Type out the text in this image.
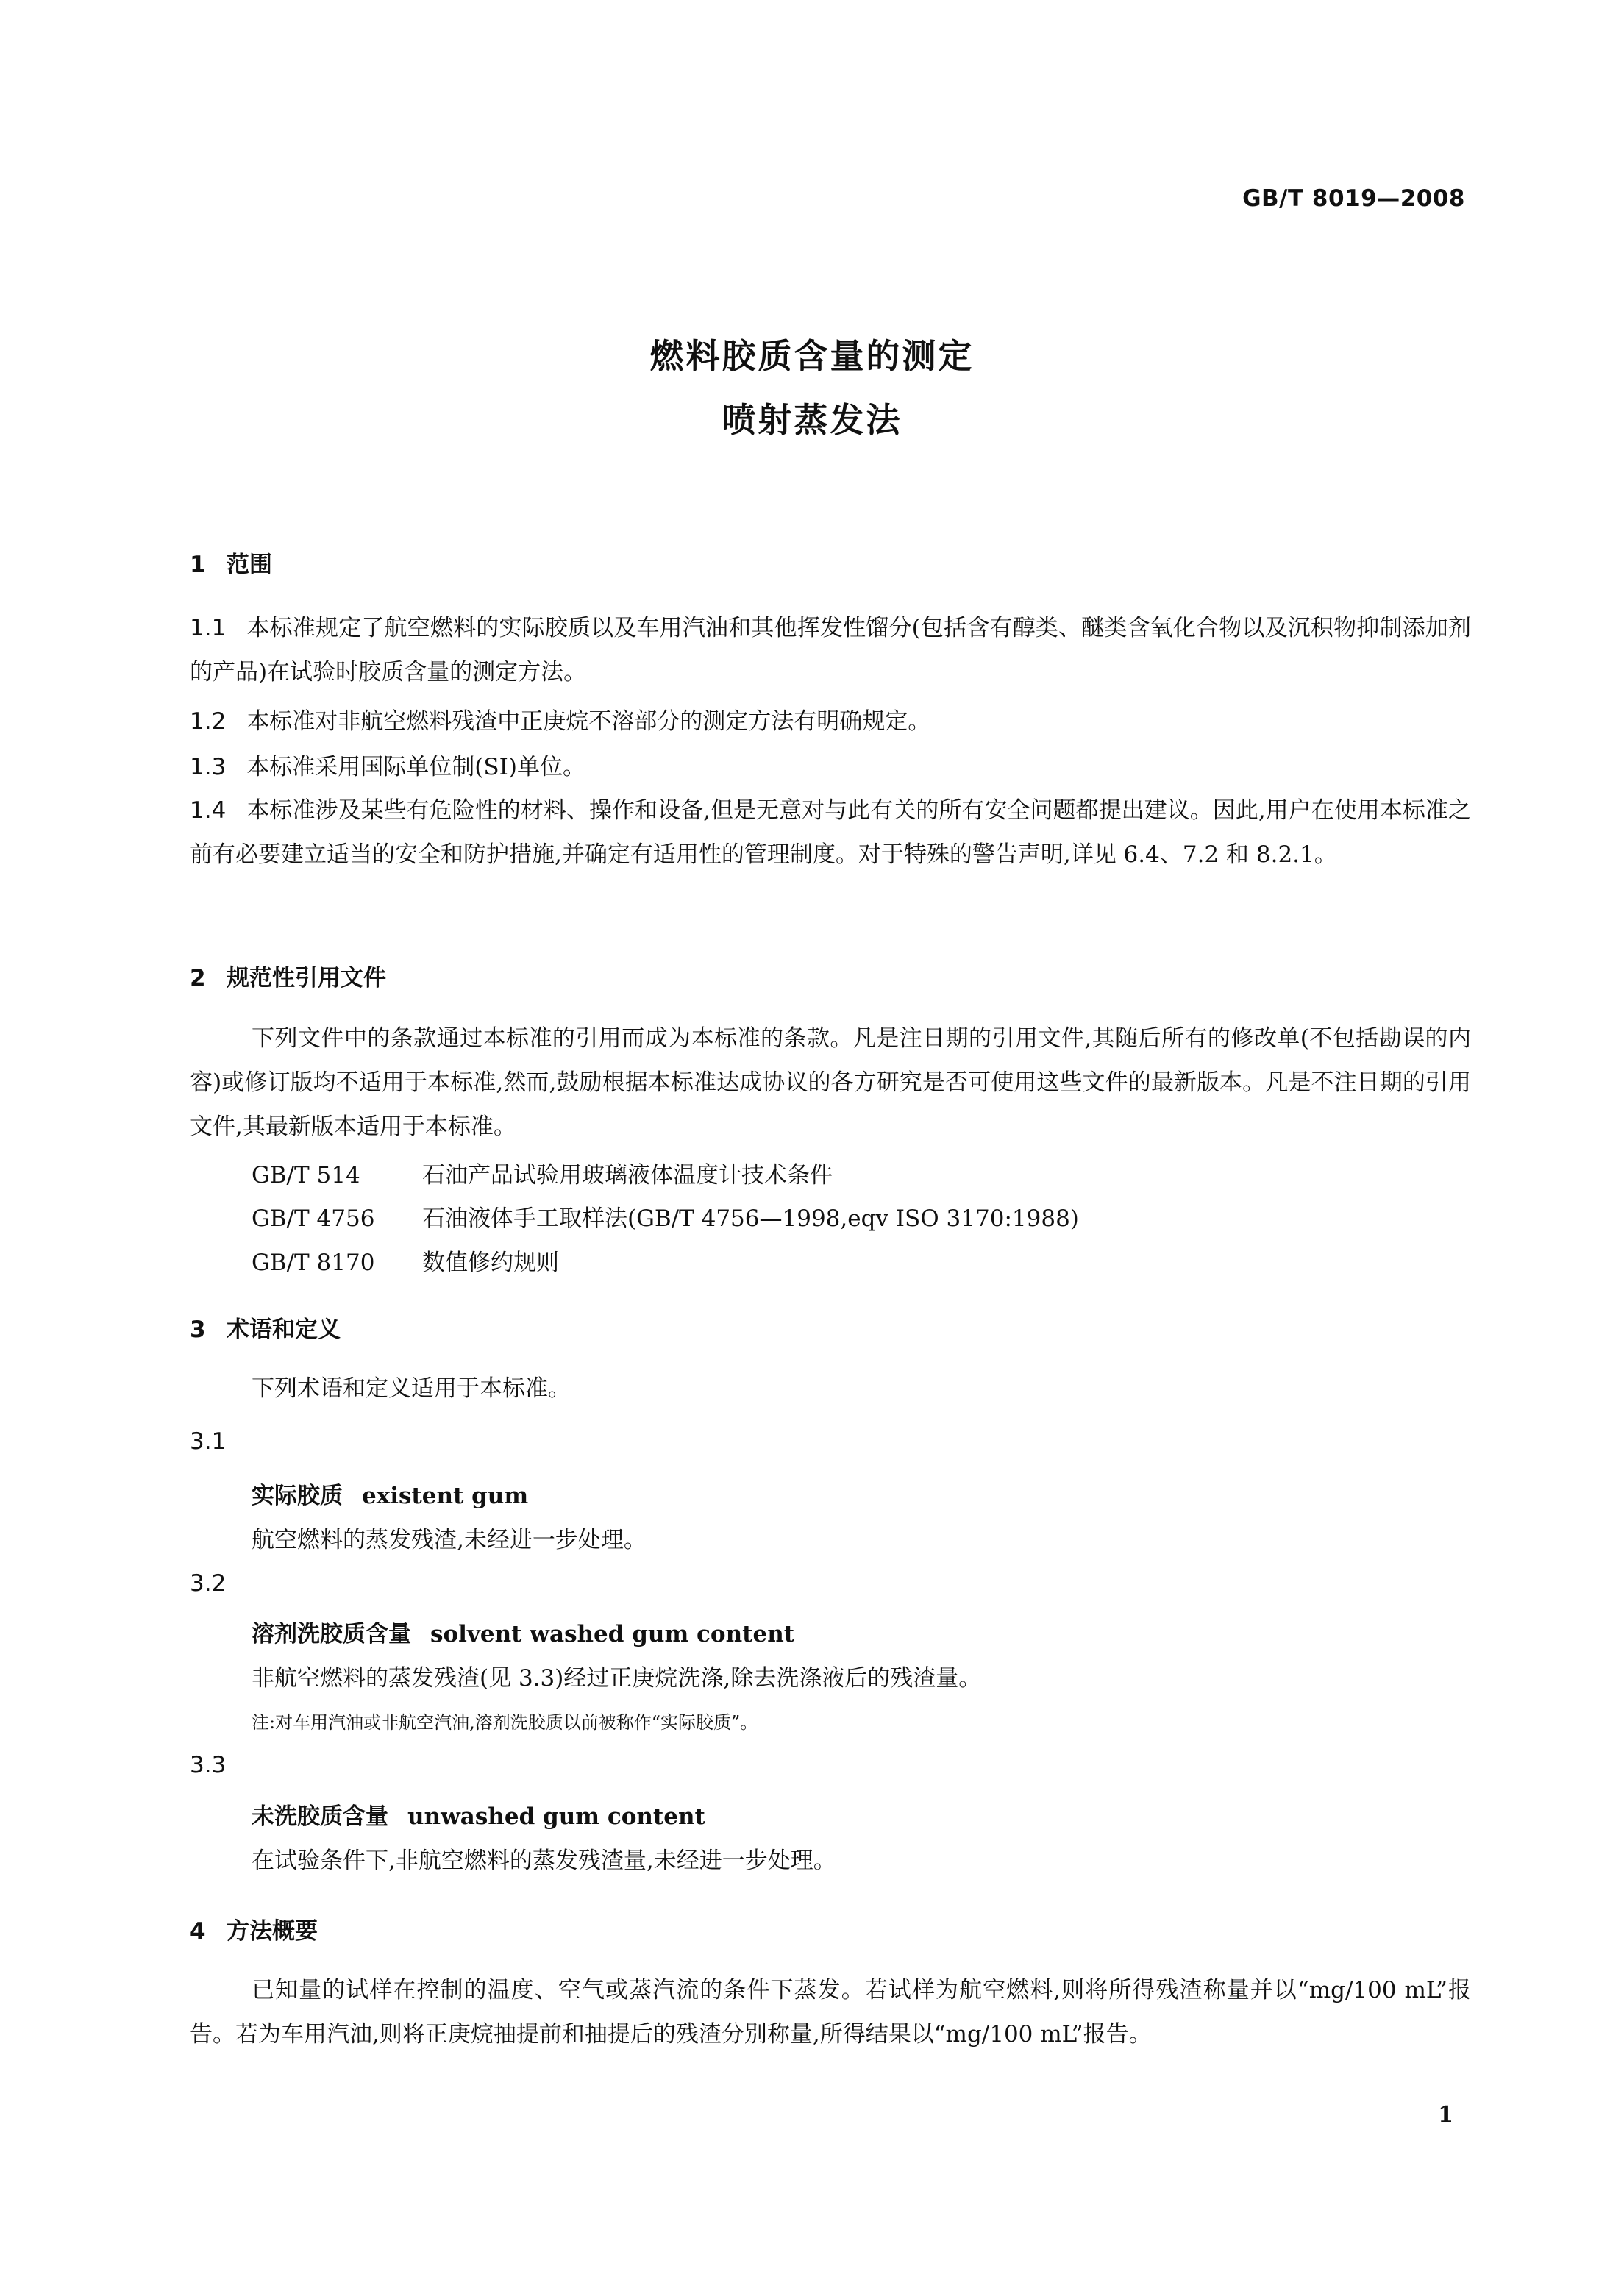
GB/T 8019—2008
燃料胶质含量的测定
喷射蒸发法
1 范围
1.1 本标准规定了航空燃料的实际胶质以及车用汽油和其他挥发性馏分(包括含有醇类、醚类含氧化合物以及沉积物抑制添加剂的产品)在试验时胶质含量的测定方法。
1.2 本标准对非航空燃料残渣中正庚烷不溶部分的测定方法有明确规定。
1.3 本标准采用国际单位制(SI)单位。
1.4 本标准涉及某些有危险性的材料、操作和设备,但是无意对与此有关的所有安全问题都提出建议。因此,用户在使用本标准之前有必要建立适当的安全和防护措施,并确定有适用性的管理制度。对于特殊的警告声明,详见 6.4、7.2 和 8.2.1。
2 规范性引用文件
下列文件中的条款通过本标准的引用而成为本标准的条款。凡是注日期的引用文件,其随后所有的修改单(不包括勘误的内容)或修订版均不适用于本标准,然而,鼓励根据本标准达成协议的各方研究是否可使用这些文件的最新版本。凡是不注日期的引用文件,其最新版本适用于本标准。
GB/T 514	石油产品试验用玻璃液体温度计技术条件
GB/T 4756 石油液体手工取样法(GB/T 4756—1998,eqv ISO 3170:1988)
GB/T 8170 数值修约规则
3 术语和定义
下列术语和定义适用于本标准。
3.1
实际胶质 existent gum
航空燃料的蒸发残渣,未经进一步处理。
3.2
溶剂洗胶质含量 solvent washed gum content
非航空燃料的蒸发残渣(见 3.3)经过正庚烷洗涤,除去洗涤液后的残渣量。
注:对车用汽油或非航空汽油,溶剂洗胶质以前被称作“实际胶质”。
3.3
未洗胶质含量 unwashed gum content
在试验条件下,非航空燃料的蒸发残渣量,未经进一步处理。
4 方法概要
已知量的试样在控制的温度、空气或蒸汽流的条件下蒸发。若试样为航空燃料,则将所得残渣称量并以“mg/100 mL”报告。若为车用汽油,则将正庚烷抽提前和抽提后的残渣分别称量,所得结果以“mg/100 mL”报告。
1
